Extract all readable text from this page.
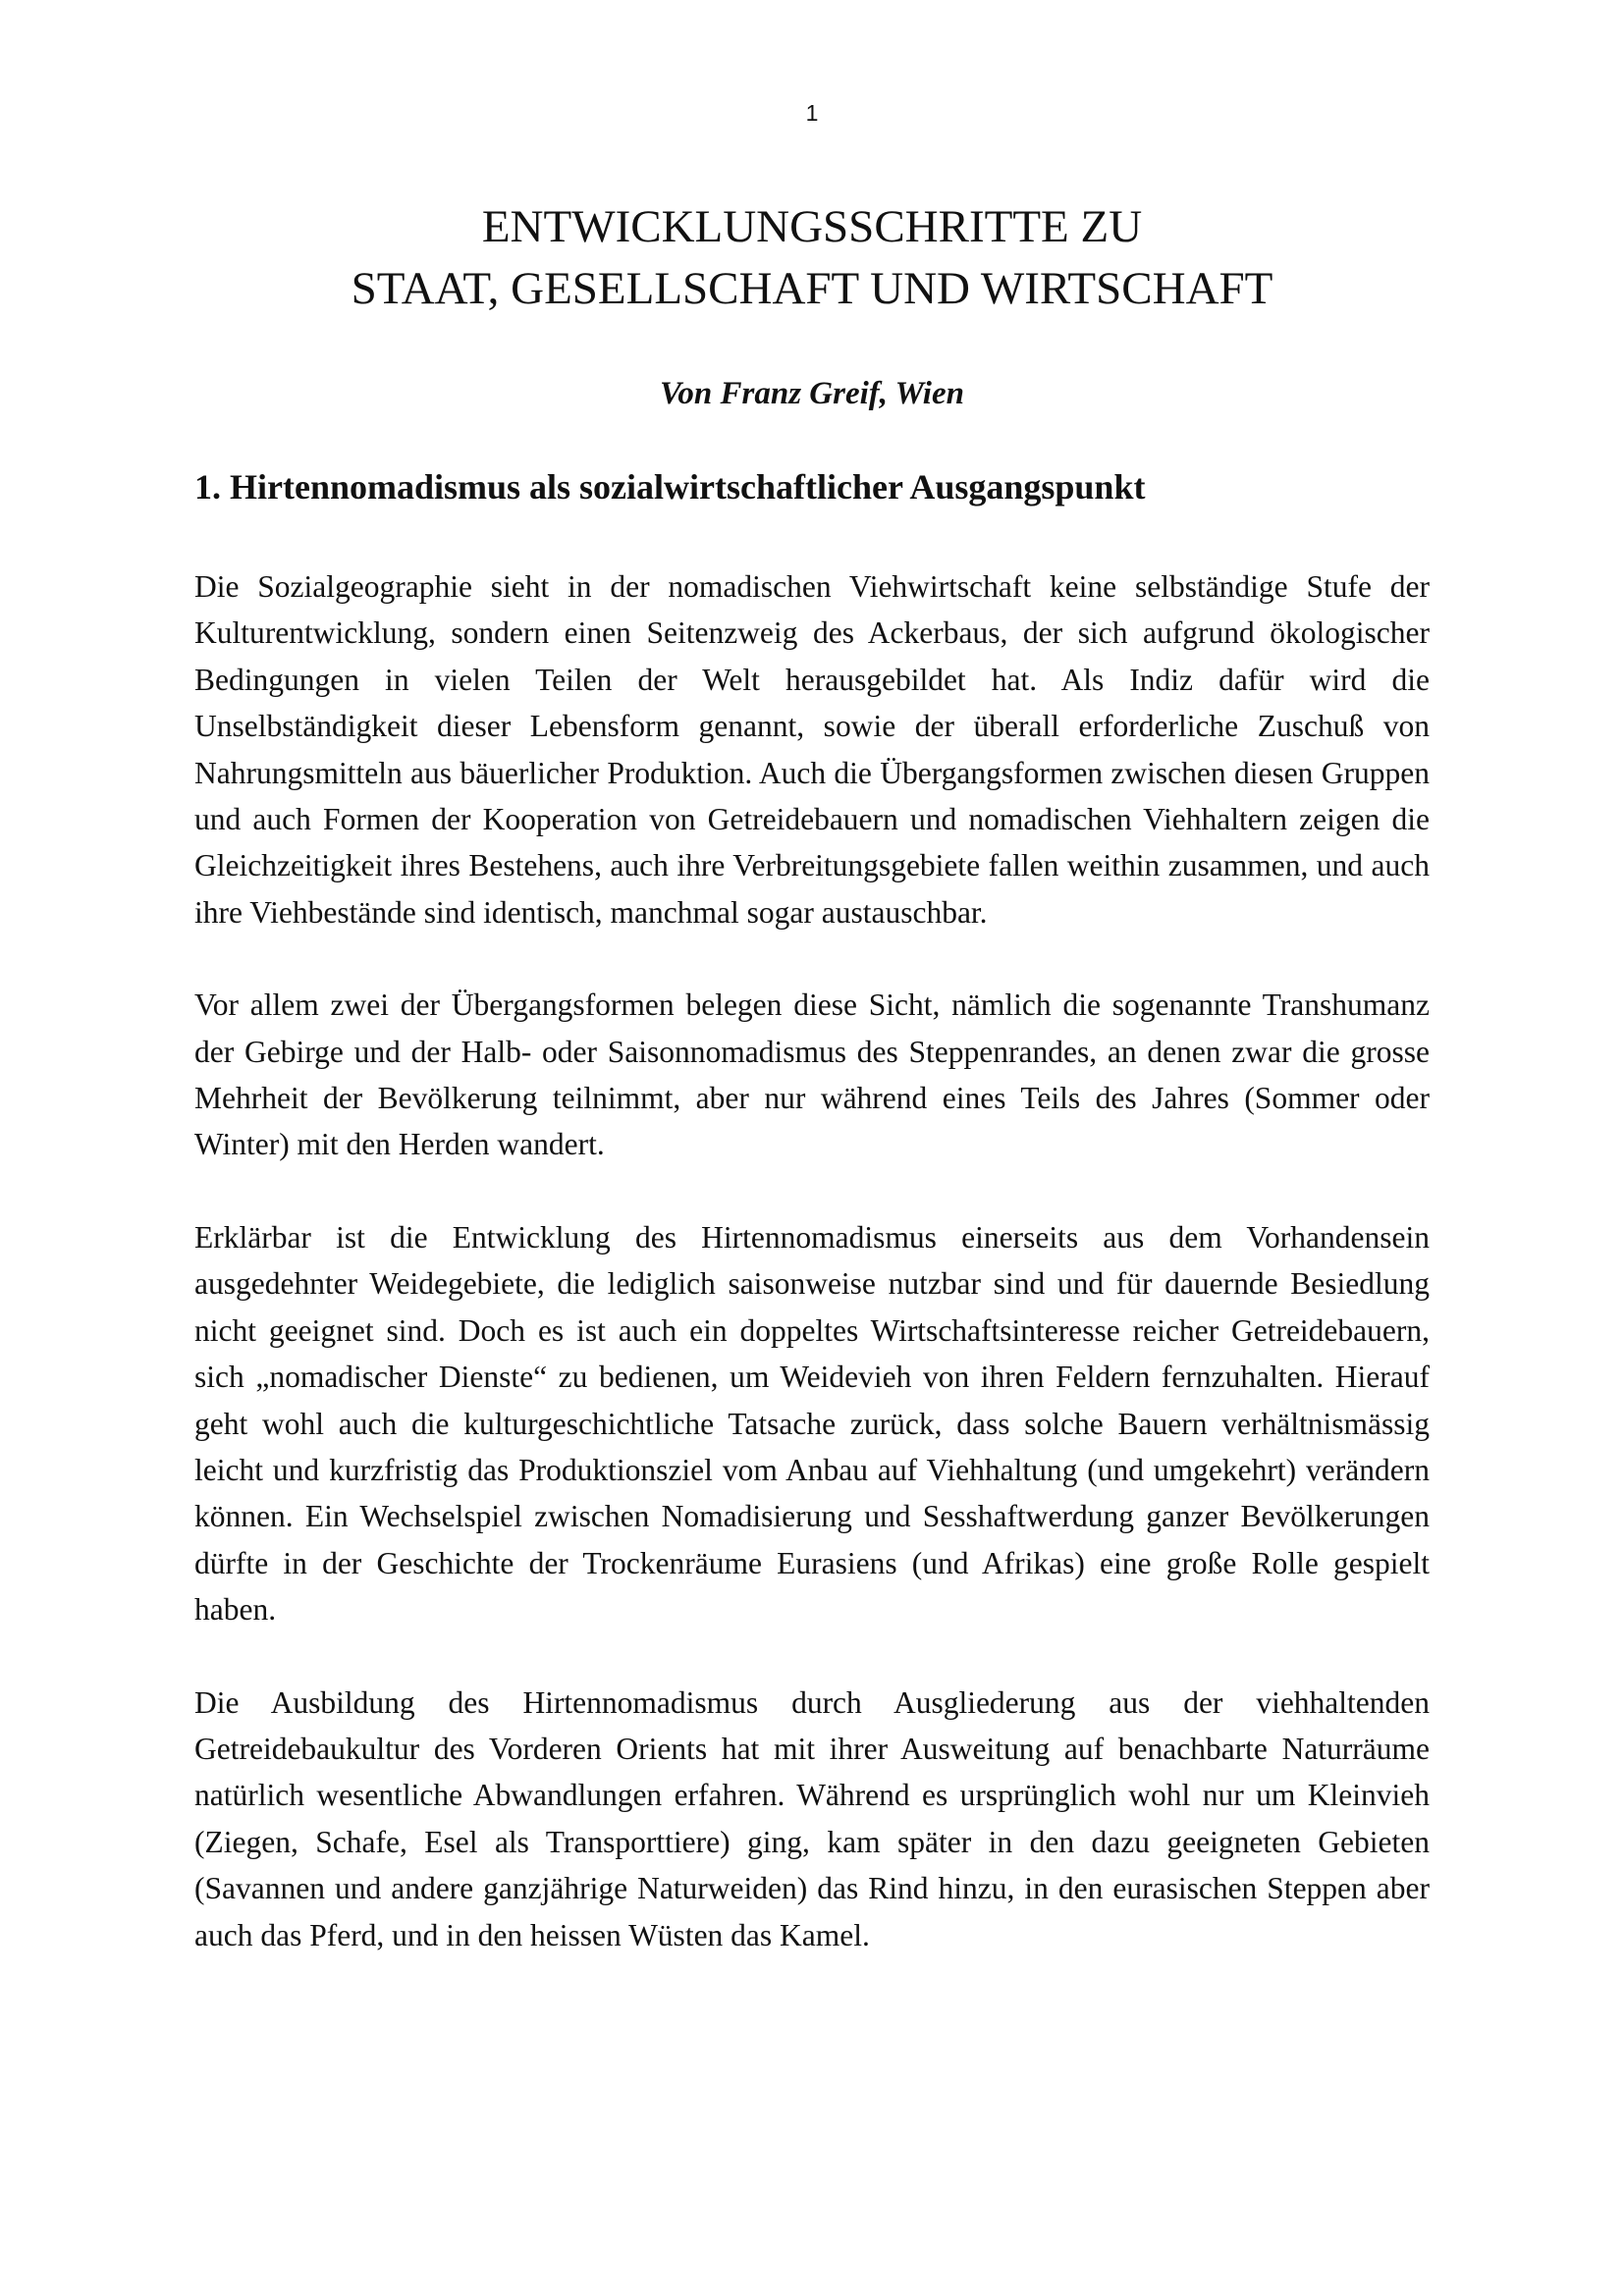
1
ENTWICKLUNGSSCHRITTE ZU
STAAT, GESELLSCHAFT UND WIRTSCHAFT
Von Franz Greif, Wien
1. Hirtennomadismus als sozialwirtschaftlicher Ausgangspunkt

Die Sozialgeographie sieht in der nomadischen Viehwirtschaft keine selbständige Stufe der Kulturentwicklung, sondern einen Seitenzweig des Ackerbaus, der sich aufgrund ökologischer Bedingungen in vielen Teilen der Welt herausgebildet hat. Als Indiz dafür wird die Unselbständigkeit dieser Lebensform genannt, sowie der überall erforderliche Zuschuß von Nahrungsmitteln aus bäuerlicher Produktion. Auch die Übergangsformen zwischen diesen Gruppen und auch Formen der Kooperation von Getreidebauern und nomadischen Viehhaltern zeigen die Gleichzeitigkeit ihres Bestehens, auch ihre Verbreitungsgebiete fallen weithin zusammen, und auch ihre Viehbestände sind identisch, manchmal sogar austauschbar.

Vor allem zwei der Übergangsformen belegen diese Sicht, nämlich die sogenannte Transhumanz der Gebirge und der Halb- oder Saisonnomadismus des Steppenrandes, an denen zwar die grosse Mehrheit der Bevölkerung teilnimmt, aber nur während eines Teils des Jahres (Sommer oder Winter) mit den Herden wandert.

Erklärbar ist die Entwicklung des Hirtennomadismus einerseits aus dem Vorhandensein ausgedehnter Weidegebiete, die lediglich saisonweise nutzbar sind und für dauernde Besiedlung nicht geeignet sind. Doch es ist auch ein doppeltes Wirtschaftsinteresse reicher Getreidebauern, sich „nomadischer Dienste“ zu bedienen, um Weidevieh von ihren Feldern fernzuhalten. Hierauf geht wohl auch die kulturgeschichtliche Tatsache zurück, dass solche Bauern verhältnismässig leicht und kurzfristig das Produktionsziel vom Anbau auf Viehhaltung (und umgekehrt) verändern können. Ein Wechselspiel zwischen Nomadisierung und Sesshaftwerdung ganzer Bevölkerungen dürfte in der Geschichte der Trockenräume Eurasiens (und Afrikas) eine große Rolle gespielt haben.

Die Ausbildung des Hirtennomadismus durch Ausgliederung aus der viehhaltenden Getreidebaukultur des Vorderen Orients hat mit ihrer Ausweitung auf benachbarte Naturräume natürlich wesentliche Abwandlungen erfahren. Während es ursprünglich wohl nur um Kleinvieh (Ziegen, Schafe, Esel als Transporttiere) ging, kam später in den dazu geeigneten Gebieten (Savannen und andere ganzjährige Naturweiden) das Rind hinzu, in den eurasischen Steppen aber auch das Pferd, und in den heissen Wüsten das Kamel.
